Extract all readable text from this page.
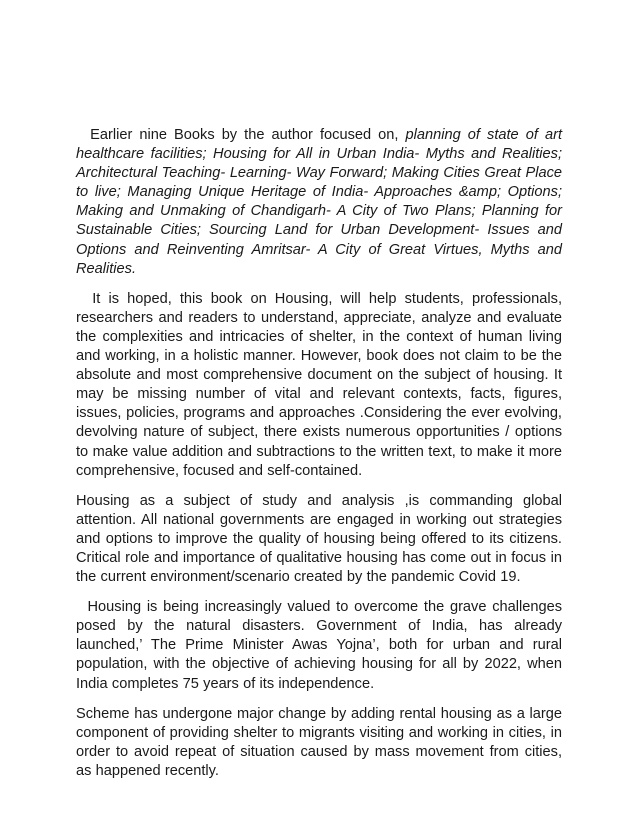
Earlier nine Books by the author focused on, planning of state of art healthcare facilities; Housing for All in Urban India- Myths and Realities; Architectural Teaching- Learning- Way Forward; Making Cities Great Place to live; Managing Unique Heritage of India- Approaches &amp; Options; Making and Unmaking of Chandigarh- A City of Two Plans; Planning for Sustainable Cities; Sourcing Land for Urban Development- Issues and Options and Reinventing Amritsar- A City of Great Virtues, Myths and Realities.

It is hoped, this book on Housing, will help students, professionals, researchers and readers to understand, appreciate, analyze and evaluate the complexities and intricacies of shelter, in the context of human living and working, in a holistic manner. However, book does not claim to be the absolute and most comprehensive document on the subject of housing. It may be missing number of vital and relevant contexts, facts, figures, issues, policies, programs and approaches .Considering the ever evolving, devolving nature of subject, there exists numerous opportunities / options to make value addition and subtractions to the written text, to make it more comprehensive, focused and self-contained.

Housing as a subject of study and analysis ,is commanding global attention. All national governments are engaged in working out strategies and options to improve the quality of housing being offered to its citizens. Critical role and importance of qualitative housing has come out in focus in the current environment/scenario created by the pandemic Covid 19.

Housing is being increasingly valued to overcome the grave challenges posed by the natural disasters. Government of India, has already launched,’ The Prime Minister Awas Yojna’, both for urban and rural population, with the objective of achieving housing for all by 2022, when India completes 75 years of its independence.

Scheme has undergone major change by adding rental housing as a large component of providing shelter to migrants visiting and working in cities, in order to avoid repeat of situation caused by mass movement from cities, as happened recently.
